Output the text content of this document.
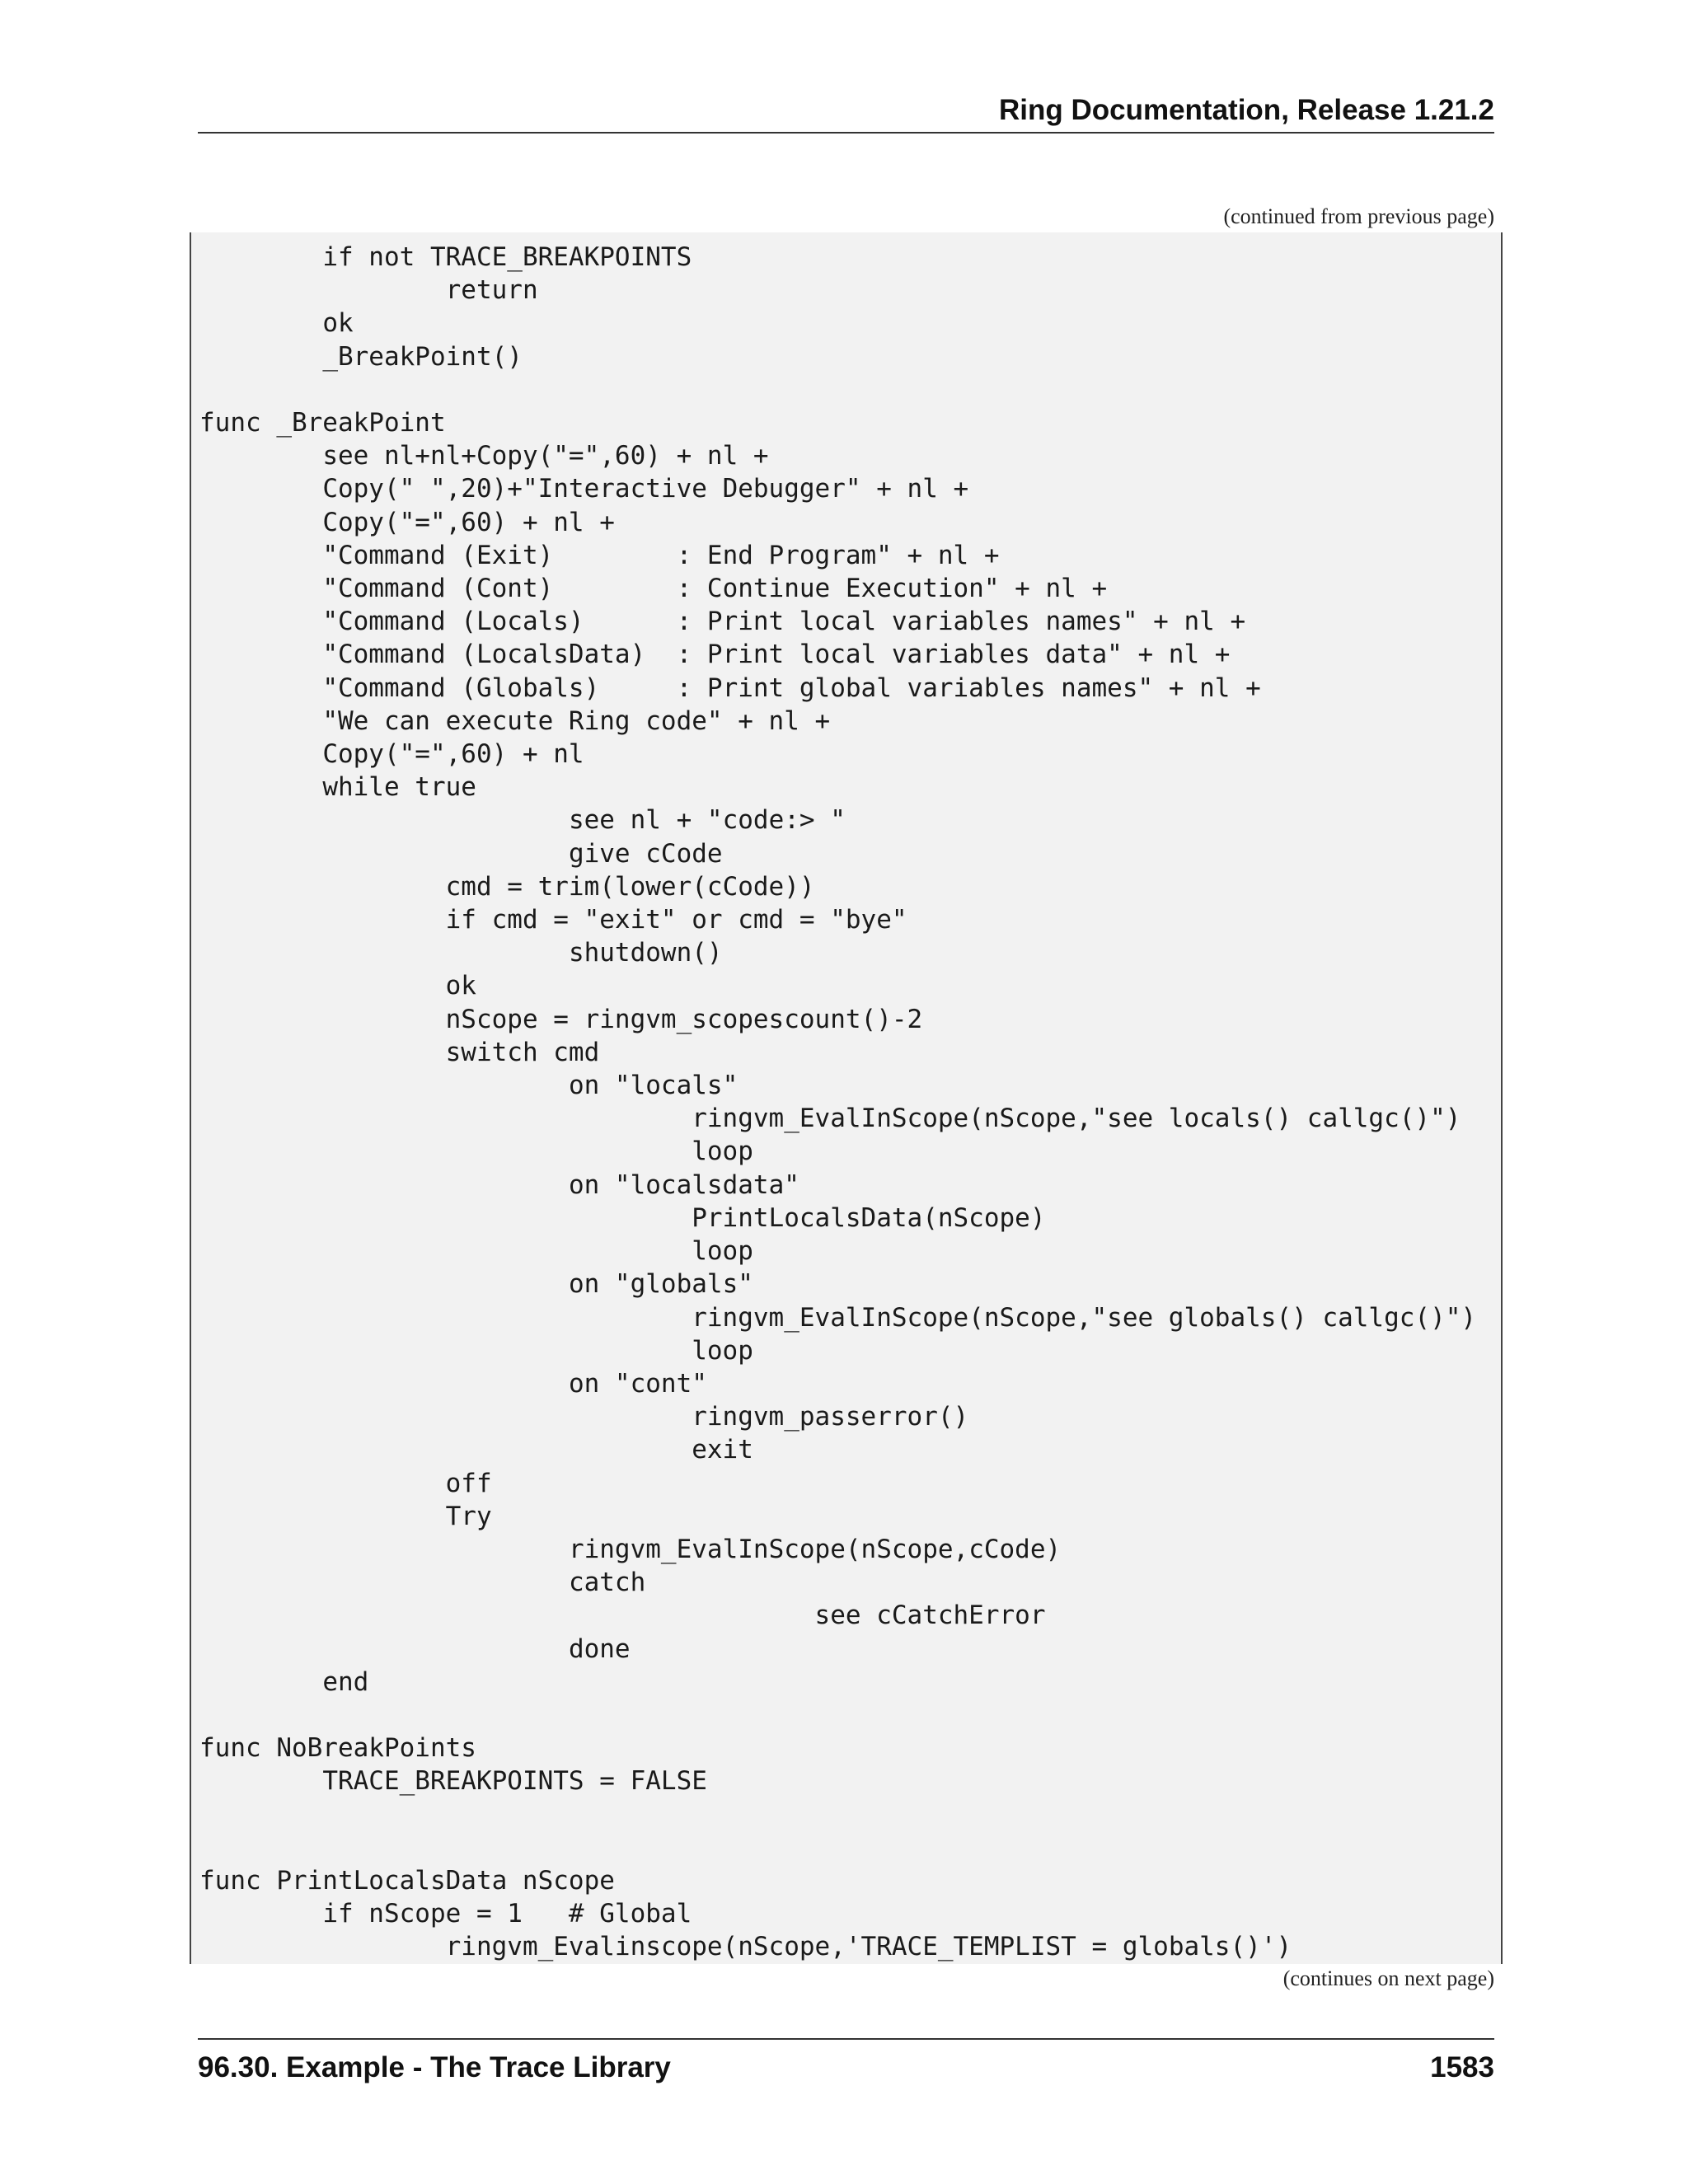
Ring Documentation, Release 1.21.2
(continued from previous page)
	if not TRACE_BREAKPOINTS
		return
	ok
	_BreakPoint()

func _BreakPoint
	see nl+nl+Copy("=",60) + nl +
	Copy(" ",20)+"Interactive Debugger" + nl +
	Copy("=",60) + nl +
	"Command (Exit)        : End Program" + nl +
	"Command (Cont)        : Continue Execution" + nl +
	"Command (Locals)      : Print local variables names" + nl +
	"Command (LocalsData)  : Print local variables data" + nl +
	"Command (Globals)     : Print global variables names" + nl +
	"We can execute Ring code" + nl +
	Copy("=",60) + nl
	while true
			see nl + "code:> "
			give cCode
		cmd = trim(lower(cCode))
		if cmd = "exit" or cmd = "bye"
			shutdown()
		ok
		nScope = ringvm_scopescount()-2
		switch cmd
			on "locals"
				ringvm_EvalInScope(nScope,"see locals() callgc()")
				loop
			on "localsdata"
				PrintLocalsData(nScope)
				loop
			on "globals"
				ringvm_EvalInScope(nScope,"see globals() callgc()")
				loop
			on "cont"
				ringvm_passerror()
				exit
		off
		Try
			ringvm_EvalInScope(nScope,cCode)
			catch
					see cCatchError
			done
	end

func NoBreakPoints
	TRACE_BREAKPOINTS = FALSE

func PrintLocalsData nScope
	if nScope = 1   # Global
		ringvm_Evalinscope(nScope,'TRACE_TEMPLIST = globals()')
(continues on next page)
96.30. Example - The Trace Library	1583
